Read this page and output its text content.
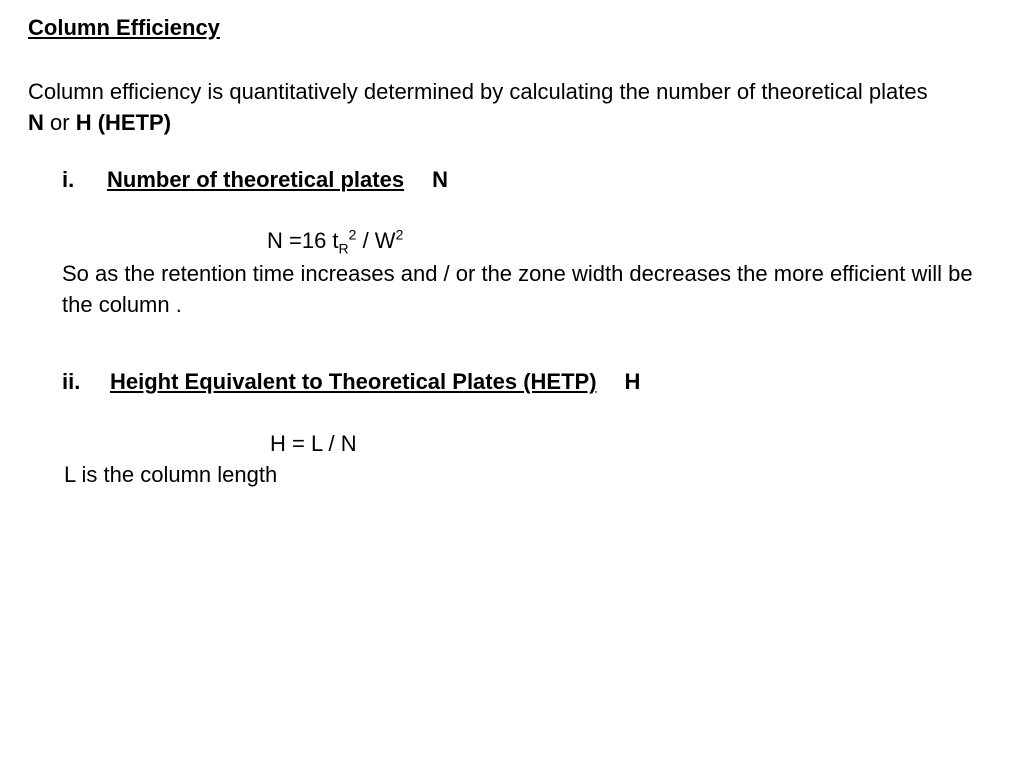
Column Efficiency
Column efficiency is quantitatively determined by calculating the number of theoretical plates N or H (HETP)
i. Number of theoretical plates N
N =16 $t_R^2 / W^2$
So as the retention time increases and / or the zone width decreases the more efficient will be the column .
ii. Height Equivalent to Theoretical Plates (HETP) H
H = L / N
L is the column length
